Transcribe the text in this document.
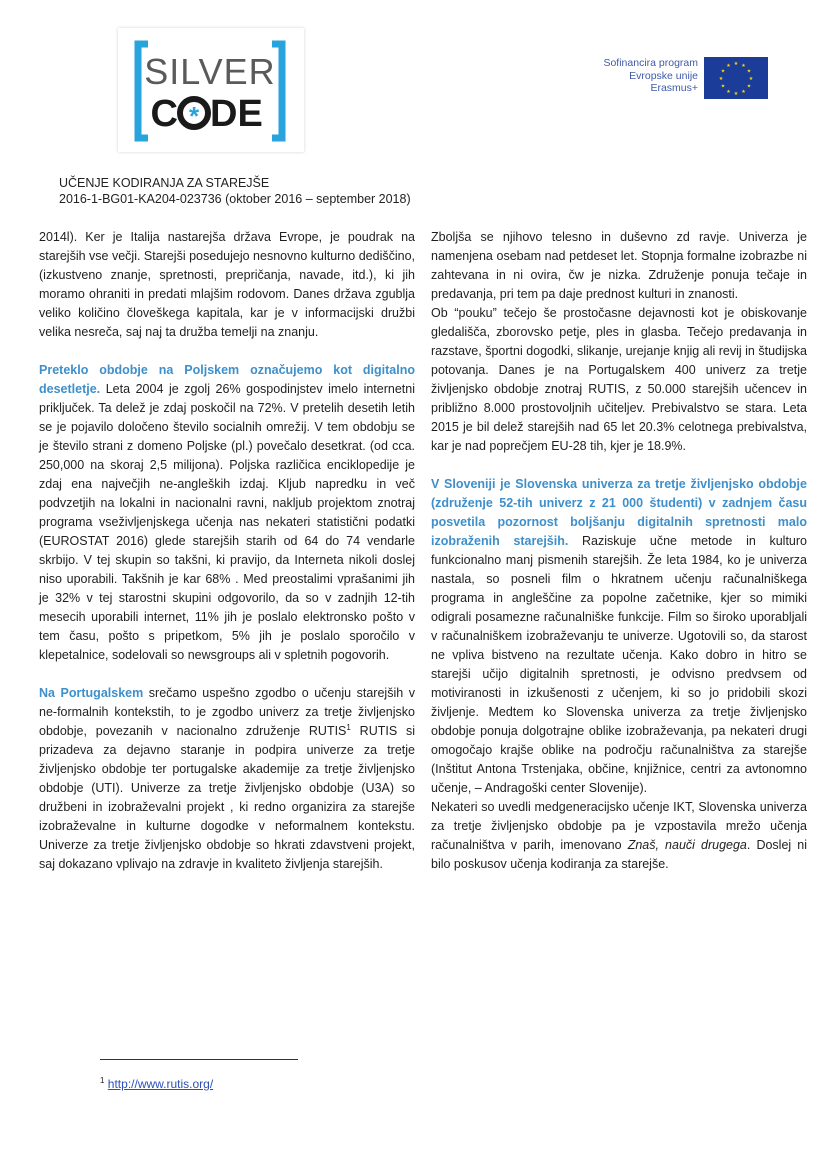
SILVER
C * DE
Sofinancira program
Evropske unije
Erasmus+
★ ★
★
★
★
★
★
★
★
★
★
★
UČENJE KODIRANJA ZA STAREJŠE
2016-1-BG01-KA204-023736 (oktober 2016 – september 2018)

2014l). Ker je Italija nastarejša država Evrope, je poudrak na starejših vse večji. Starejši posedujejo nesnovno kulturno dediščino, (izkustveno znanje, spretnosti, prepričanja, navade, itd.), ki jih moramo ohraniti in predati mlajšim rodovom. Danes država zgublja veliko količino človeškega kapitala, kar je v informacijski družbi velika nesreča, saj naj ta družba temelji na znanju.

Preteklo obdobje na Poljskem označujemo kot digitalno desetletje. Leta 2004 je zgolj 26% gospodinjstev imelo internetni priključek. Ta delež je zdaj poskočil na 72%. V pretelih desetih letih se je pojavilo določeno število socialnih omrežij. V tem obdobju se je število strani z domeno Poljske (pl.) povečalo desetkrat. (od cca. 250,000 na skoraj 2,5 milijona). Poljska različica enciklopedije je zdaj ena največjih ne-angleških izdaj. Kljub napredku in več podvzetjih na lokalni in nacionalni ravni, nakljub projektom znotraj programa vseživljenjskega učenja nas nekateri statistični podatki (EUROSTAT 2016) glede starejših starih od 64 do 74 vendarle skrbijo. V tej skupin so takšni, ki pravijo, da Interneta nikoli doslej niso uporabili. Takšnih je kar 68% . Med preostalimi vprašanimi jih je 32% v tej starostni skupini odgovorilo, da so v zadnjih 12-tih mesecih uporabili internet, 11% jih je poslalo elektronsko pošto v tem času, pošto s pripetkom, 5% jih je poslalo sporočilo v klepetalnice, sodelovali so newsgroups ali v spletnih pogovorih.

Na Portugalskem srečamo uspešno zgodbo o učenju starejših v ne-formalnih kontekstih, to je zgodbo univerz za tretje življenjsko obdobje, povezanih v nacionalno združenje RUTIS$^1$ RUTIS si prizadeva za dejavno staranje in podpira univerze za tretje življenjsko obdobje ter portugalske akademije za tretje življenjsko obdobje (UTI). Univerze za tretje življenjsko obdobje (U3A) so družbeni in izobraževalni projekt , ki redno organizira za starejše izobraževalne in kulturne dogodke v neformalnem kontekstu. Univerze za tretje življenjsko obdobje so hkrati zdavstveni projekt, saj dokazano vplivajo na zdravje in kvaliteto življenja starejših.

Zboljša se njihovo telesno in duševno zd ravje. Univerza je namenjena osebam nad petdeset let. Stopnja formalne izobrazbe ni zahtevana in ni ovira, čw je nizka. Združenje ponuja tečaje in predavanja, pri tem pa daje prednost kulturi in znanosti.

Ob “pouku” tečejo še prostočasne dejavnosti kot je obiskovanje gledališča, zborovsko petje, ples in glasba. Tečejo predavanja in razstave, športni dogodki, slikanje, urejanje knjig ali revij in študijska potovanja. Danes je na Portugalskem 400 univerz za tretje življenjsko obdobje znotraj RUTIS, z 50.000 starejših učencev in približno 8.000 prostovoljnih učiteljev. Prebivalstvo se stara. Leta 2015 je bil delež starejših nad 65 let 20.3% celotnega prebivalstva, kar je nad poprečjem EU-28 tih, kjer je 18.9%.

V Sloveniji je Slovenska univerza za tretje življenjsko obdobje (združenje 52-tih univerz z 21 000 študenti) v zadnjem času posvetila pozornost boljšanju digitalnih spretnosti malo izobraženih starejših. Raziskuje učne metode in kulturo funkcionalno manj pismenih starejših. Že leta 1984, ko je univerza nastala, so posneli film o hkratnem učenju računalniškega programa in angleščine za popolne začetnike, kjer so mimiki odigrali posamezne računalniške funkcije. Film so široko uporabljali v računalniškem izobraževanju te univerze. Ugotovili so, da starost ne vpliva bistveno na rezultate učenja. Kako dobro in hitro se starejši učijo digitalnih spretnosti, je odvisno predvsem od motiviranosti in izkušenosti z učenjem, ki so jo pridobili skozi življenje. Medtem ko Slovenska univerza za tretje življenjsko obdobje ponuja dolgotrajne oblike izobraževanja, pa nekateri drugi omogočajo krajše oblike na področju računalništva za starejše (Inštitut Antona Trstenjaka, občine, knjižnice, centri za avtonomno učenje, – Andragoški center Slovenije).

Nekateri so uvedli medgeneracijsko učenje IKT, Slovenska univerza za tretje življenjsko obdobje pa je vzpostavila mrežo učenja računalništva v parih, imenovano Znaš, nauči drugega. Doslej ni bilo poskusov učenja kodiranja za starejše.

$^1$ http://www.rutis.org/
